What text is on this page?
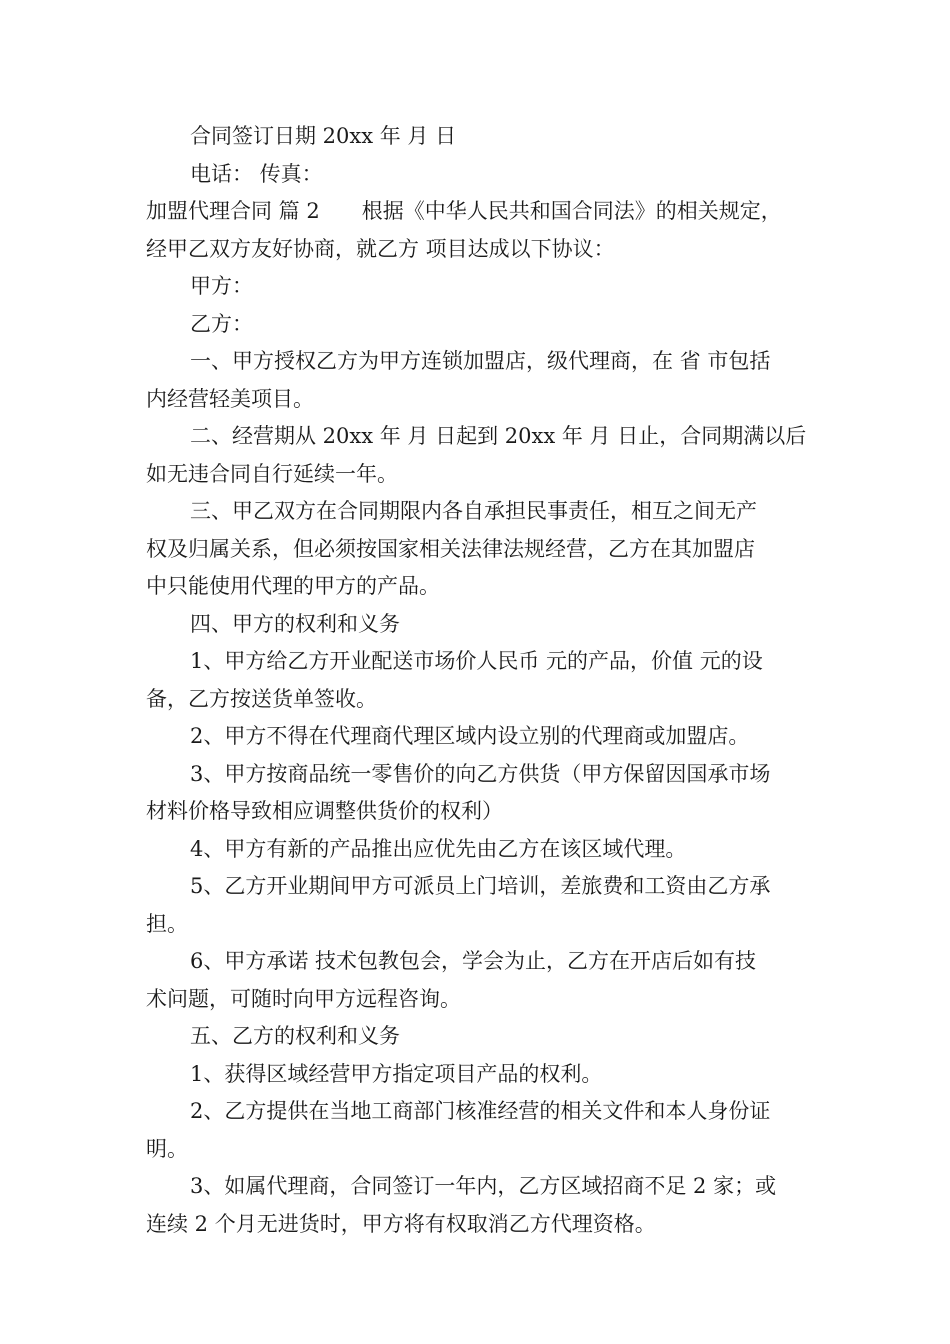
合同签订日期 20xx 年 月 日
电话： 传真：
加盟代理合同 篇 2 根据《中华人民共和国合同法》的相关规定，
经甲乙双方友好协商，就乙方 项目达成以下协议：
甲方：
乙方：
一、甲方授权乙方为甲方连锁加盟店，级代理商，在 省 市包括
内经营轻美项目。
二、经营期从 20xx 年 月 日起到 20xx 年 月 日止，合同期满以后
如无违合同自行延续一年。
三、甲乙双方在合同期限内各自承担民事责任，相互之间无产
权及归属关系，但必须按国家相关法律法规经营，乙方在其加盟店
中只能使用代理的甲方的产品。
四、甲方的权利和义务
1、甲方给乙方开业配送市场价人民币 元的产品，价值 元的设
备，乙方按送货单签收。
2、甲方不得在代理商代理区域内设立别的代理商或加盟店。
3、甲方按商品统一零售价的向乙方供货（甲方保留因国承市场
材料价格导致相应调整供货价的权利）
4、甲方有新的产品推出应优先由乙方在该区域代理。
5、乙方开业期间甲方可派员上门培训，差旅费和工资由乙方承
担。
6、甲方承诺 技术包教包会，学会为止，乙方在开店后如有技
术问题，可随时向甲方远程咨询。
五、乙方的权利和义务
1、获得区域经营甲方指定项目产品的权利。
2、乙方提供在当地工商部门核准经营的相关文件和本人身份证
明。
3、如属代理商，合同签订一年内，乙方区域招商不足 2 家；或
连续 2 个月无进货时，甲方将有权取消乙方代理资格。
